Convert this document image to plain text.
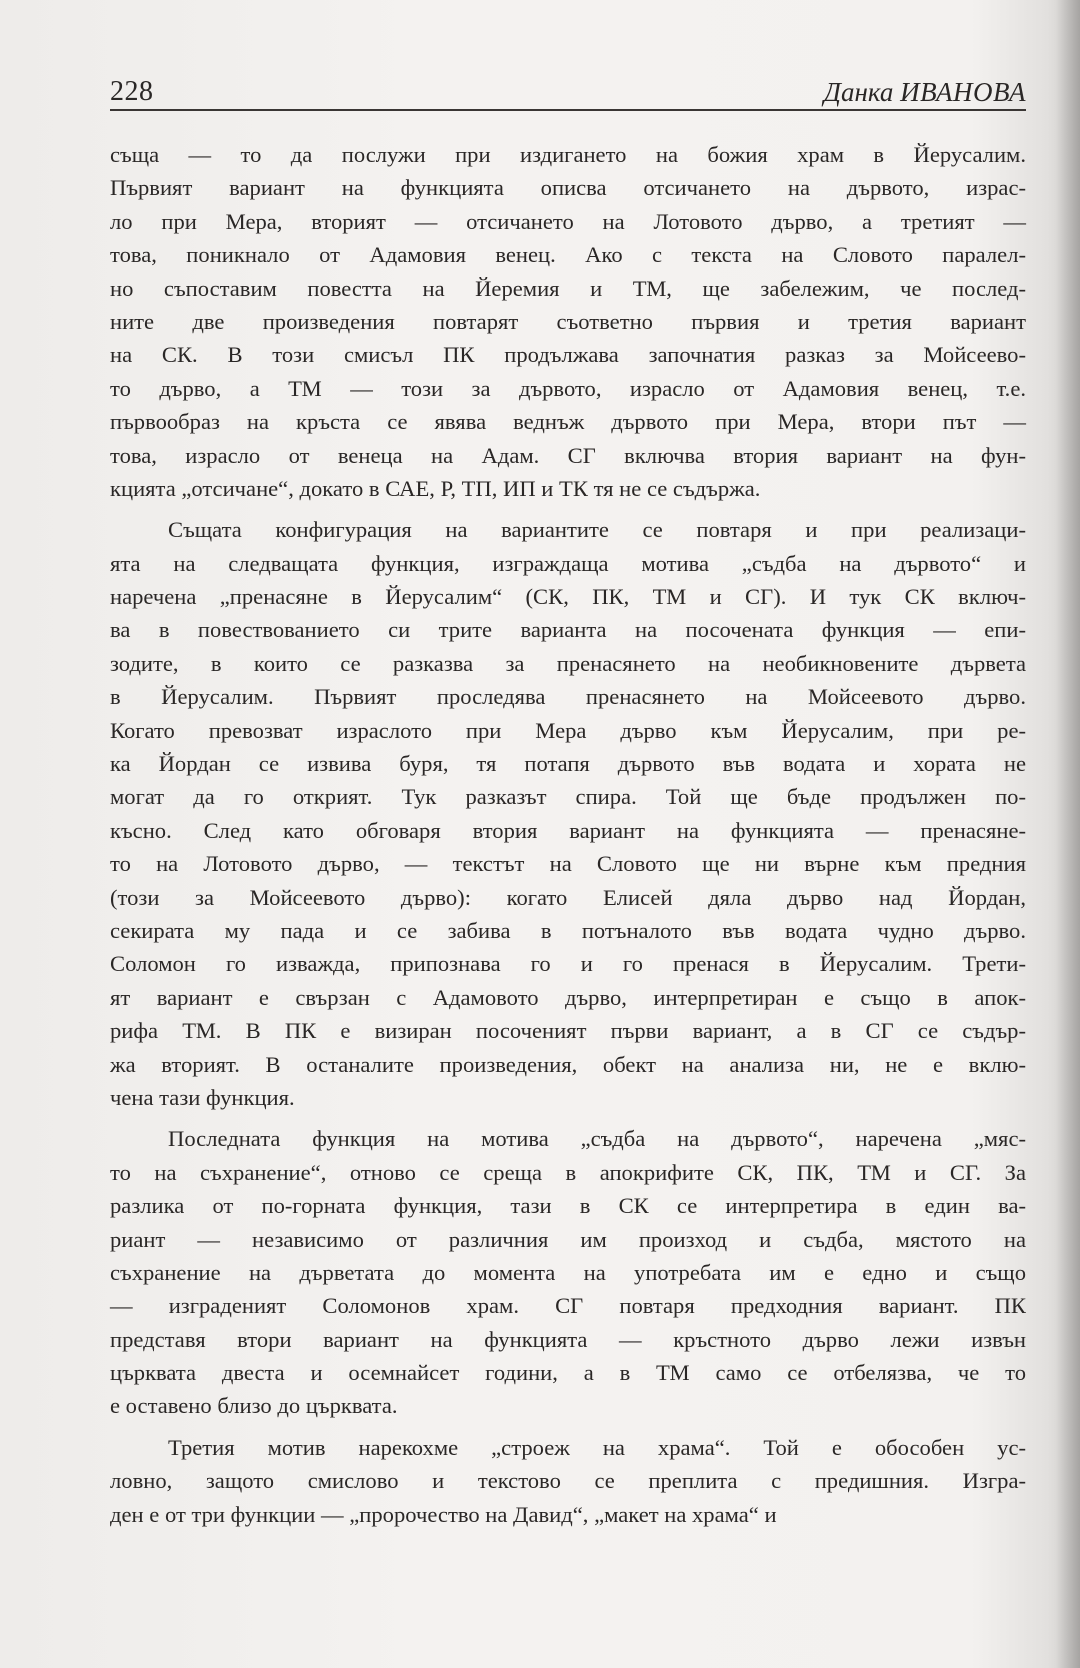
228	Данка ИВАНОВА
същa — то да послужи при издигането на божия храм в Йерусалим.
Първият вариант на функцията описва отсичането на дървото, израс-
ло при Мера, вторият — отсичането на Лотовото дърво, а третият —
това, поникнало от Адамовия венец. Ако с текста на Словото паралел-
но съпоставим повестта на Йеремия и ТМ, ще забележим, че послед-
ните две произведения повтарят съответно първия и третия вариант
на СК. В този смисъл ПК продължава започнатия разказ за Мойсеево-
то дърво, а ТМ — този за дървото, израсло от Адамовия венец, т.е.
първообраз на кръста се явява веднъж дървото при Мера, втори път —
това, израсло от венеца на Адам. СГ включва втория вариант на фун-
кцията „отсичане“, докато в САЕ, Р, ТП, ИП и ТК тя не се съдържа.
Същата конфигурация на вариантите се повтаря и при реализаци-
ята на следващата функция, изграждаща мотива „съдба на дървото“ и
наречена „пренасяне в Йерусалим“ (СК, ПК, ТМ и СГ). И тук СК включ-
ва в повествованието си трите варианта на посочената функция — епи-
зодите, в които се разказва за пренасянето на необикновените дървета
в Йерусалим. Първият проследява пренасянето на Мойсеевото дърво.
Когато превозват израслото при Мера дърво към Йерусалим, при ре-
ка Йордан се извива буря, тя потапя дървото във водата и хората не
могат да го открият. Тук разказът спира. Той ще бъде продължен по-
късно. След като обговаря втория вариант на функцията — пренасяне-
то на Лотовото дърво, — текстът на Словото ще ни върне към предния
(този за Мойсеевото дърво): когато Елисей дяла дърво над Йордан,
секирата му пада и се забива в потъналото във водата чудно дърво.
Соломон го изважда, припознава го и го пренася в Йерусалим. Трети-
ят вариант е свързан с Адамовото дърво, интерпретиран е също в апок-
рифа ТМ. В ПК е визиран посоченият първи вариант, а в СГ се съдър-
жа вторият. В останалите произведения, обект на анализа ни, не е вклю-
чена тази функция.
Последната функция на мотива „съдба на дървото“, наречена „мяс-
то на съхранение“, отново се среща в апокрифите СК, ПК, ТМ и СГ. За
разлика от по-горната функция, тази в СК се интерпретира в един ва-
риант — независимо от различния им произход и съдба, мястото на
съхранение на дърветата до момента на употребата им е едно и също
— изграденият Соломонов храм. СГ повтаря предходния вариант. ПК
представя втори вариант на функцията — кръстното дърво лежи извън
църквата двеста и осемнайсет години, а в ТМ само се отбелязва, че то
е оставено близо до църквата.
Третия мотив нарекохме „строеж на храма“. Той е обособен ус-
ловно, защото смислово и текстово се преплита с предишния. Изгра-
ден е от три функции — „пророчество на Давид“, „макет на храма“ и
